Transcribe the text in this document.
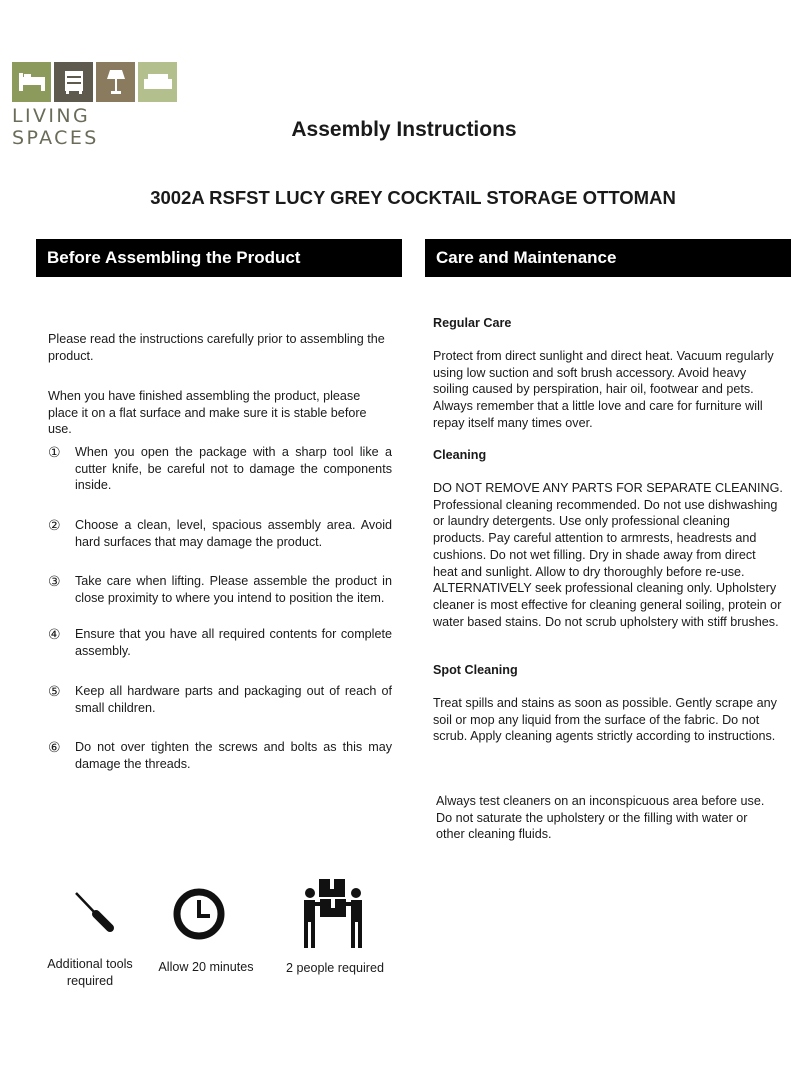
LIVING SPACES	Assembly Instructions
3002A RSFST LUCY GREY COCKTAIL STORAGE OTTOMAN
Before Assembling the Product	Care and Maintenance
Please read the instructions carefully prior to assembling the product.
When you have finished assembling the product, please place it on a flat surface and make sure it is stable before use.
①	When you open the package with a sharp tool like a cutter knife, be careful not to damage the components inside.
②	Choose a clean, level, spacious assembly area. Avoid hard surfaces that may damage the product.
③	Take care when lifting. Please assemble the product in close proximity to where you intend to position the item.
④	Ensure that you have all required contents for complete assembly.
⑤	Keep all hardware parts and packaging out of reach of small children.
⑥	Do not over tighten the screws and bolts as this may damage the threads.
Regular Care
Protect from direct sunlight and direct heat. Vacuum regularly using low suction and soft brush accessory. Avoid heavy soiling caused by perspiration, hair oil, footwear and pets. Always remember that a little love and care for furniture will repay itself many times over.
Cleaning
DO NOT REMOVE ANY PARTS FOR SEPARATE CLEANING. Professional cleaning recommended. Do not use dishwashing or laundry detergents. Use only professional cleaning products. Pay careful attention to armrests, headrests and cushions. Do not wet filling. Dry in shade away from direct heat and sunlight. Allow to dry thoroughly before re-use. ALTERNATIVELY seek professional cleaning only. Upholstery cleaner is most effective for cleaning general soiling, protein or water based stains. Do not scrub upholstery with stiff brushes.
Spot Cleaning
Treat spills and stains as soon as possible. Gently scrape any soil or mop any liquid from the surface of the fabric. Do not scrub. Apply cleaning agents strictly according to instructions.
Always test cleaners on an inconspicuous area before use. Do not saturate the upholstery or the filling with water or other cleaning fluids.
Additional tools required
Allow 20 minutes	2 people required
